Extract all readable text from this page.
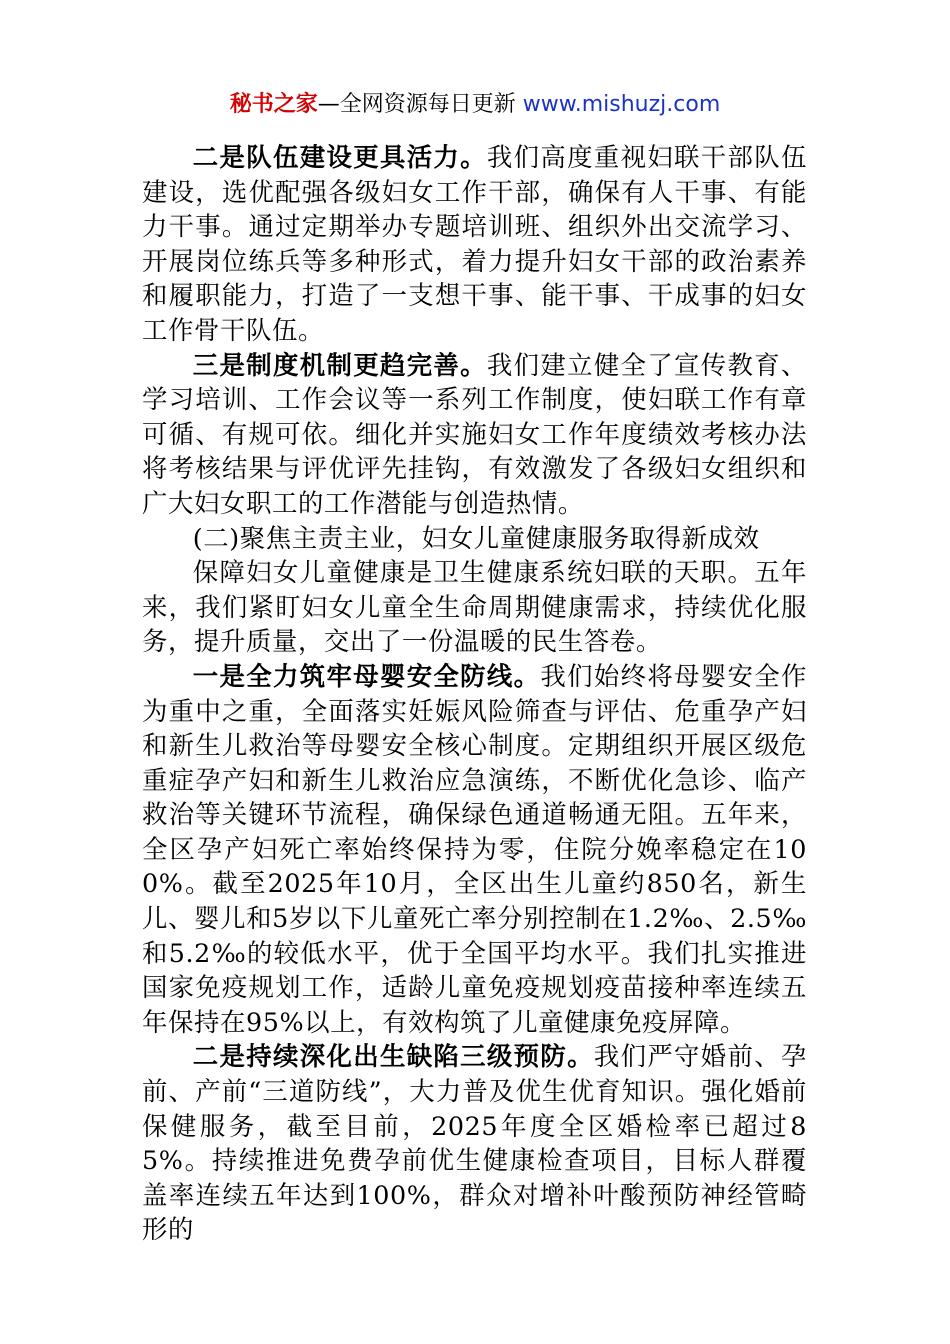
秘书之家—全网资源每日更新 www.mishuzj.com

二是队伍建设更具活力。我们高度重视妇联干部队伍建设，选优配强各级妇女工作干部，确保有人干事、有能力干事。通过定期举办专题培训班、组织外出交流学习、开展岗位练兵等多种形式，着力提升妇女干部的政治素养和履职能力，打造了一支想干事、能干事、干成事的妇女工作骨干队伍。

三是制度机制更趋完善。我们建立健全了宣传教育、学习培训、工作会议等一系列工作制度，使妇联工作有章可循、有规可依。细化并实施妇女工作年度绩效考核办法将考核结果与评优评先挂钩，有效激发了各级妇女组织和广大妇女职工的工作潜能与创造热情。

(二)聚焦主责主业，妇女儿童健康服务取得新成效

保障妇女儿童健康是卫生健康系统妇联的天职。五年来，我们紧盯妇女儿童全生命周期健康需求，持续优化服务，提升质量，交出了一份温暖的民生答卷。

一是全力筑牢母婴安全防线。我们始终将母婴安全作为重中之重，全面落实妊娠风险筛查与评估、危重孕产妇和新生儿救治等母婴安全核心制度。定期组织开展区级危重症孕产妇和新生儿救治应急演练，不断优化急诊、临产救治等关键环节流程，确保绿色通道畅通无阻。五年来，全区孕产妇死亡率始终保持为零，住院分娩率稳定在100%。截至2025年10月，全区出生儿童约850名，新生儿、婴儿和5岁以下儿童死亡率分别控制在1.2‰、2.5‰和5.2‰的较低水平，优于全国平均水平。我们扎实推进国家免疫规划工作，适龄儿童免疫规划疫苗接种率连续五年保持在95%以上，有效构筑了儿童健康免疫屏障。

二是持续深化出生缺陷三级预防。我们严守婚前、孕前、产前“三道防线”，大力普及优生优育知识。强化婚前保健服务，截至目前，2025年度全区婚检率已超过85%。持续推进免费孕前优生健康检查项目，目标人群覆盖率连续五年达到100%，群众对增补叶酸预防神经管畸形的
